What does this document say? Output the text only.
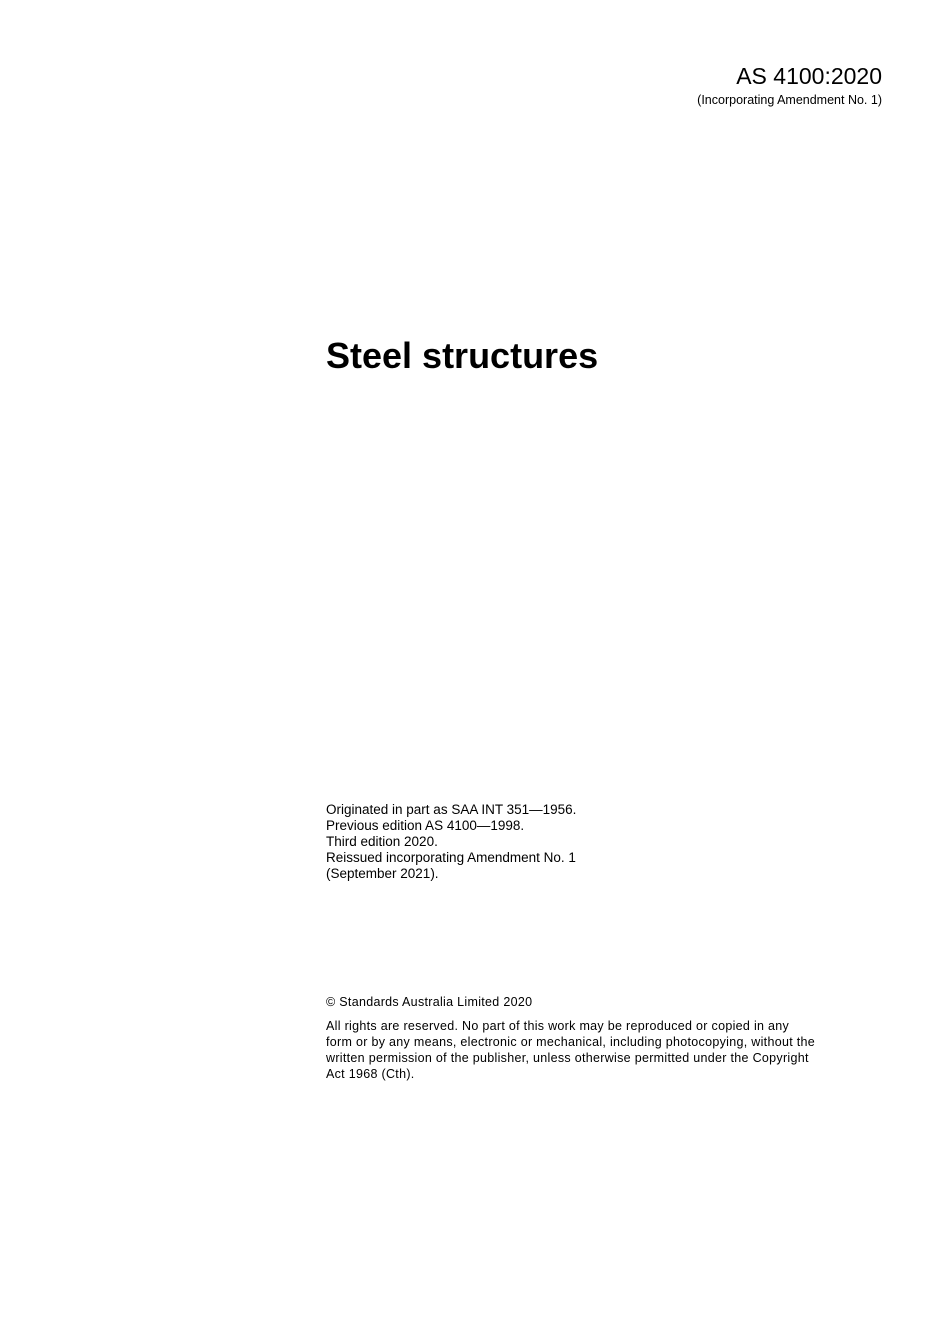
AS 4100:2020
(Incorporating Amendment No. 1)
Steel structures
Originated in part as SAA INT 351—1956.
Previous edition AS 4100—1998.
Third edition 2020.
Reissued incorporating Amendment No. 1
(September 2021).
© Standards Australia Limited 2020
All rights are reserved. No part of this work may be reproduced or copied in any
form or by any means, electronic or mechanical, including photocopying, without the
written permission of the publisher, unless otherwise permitted under the Copyright
Act 1968 (Cth).
